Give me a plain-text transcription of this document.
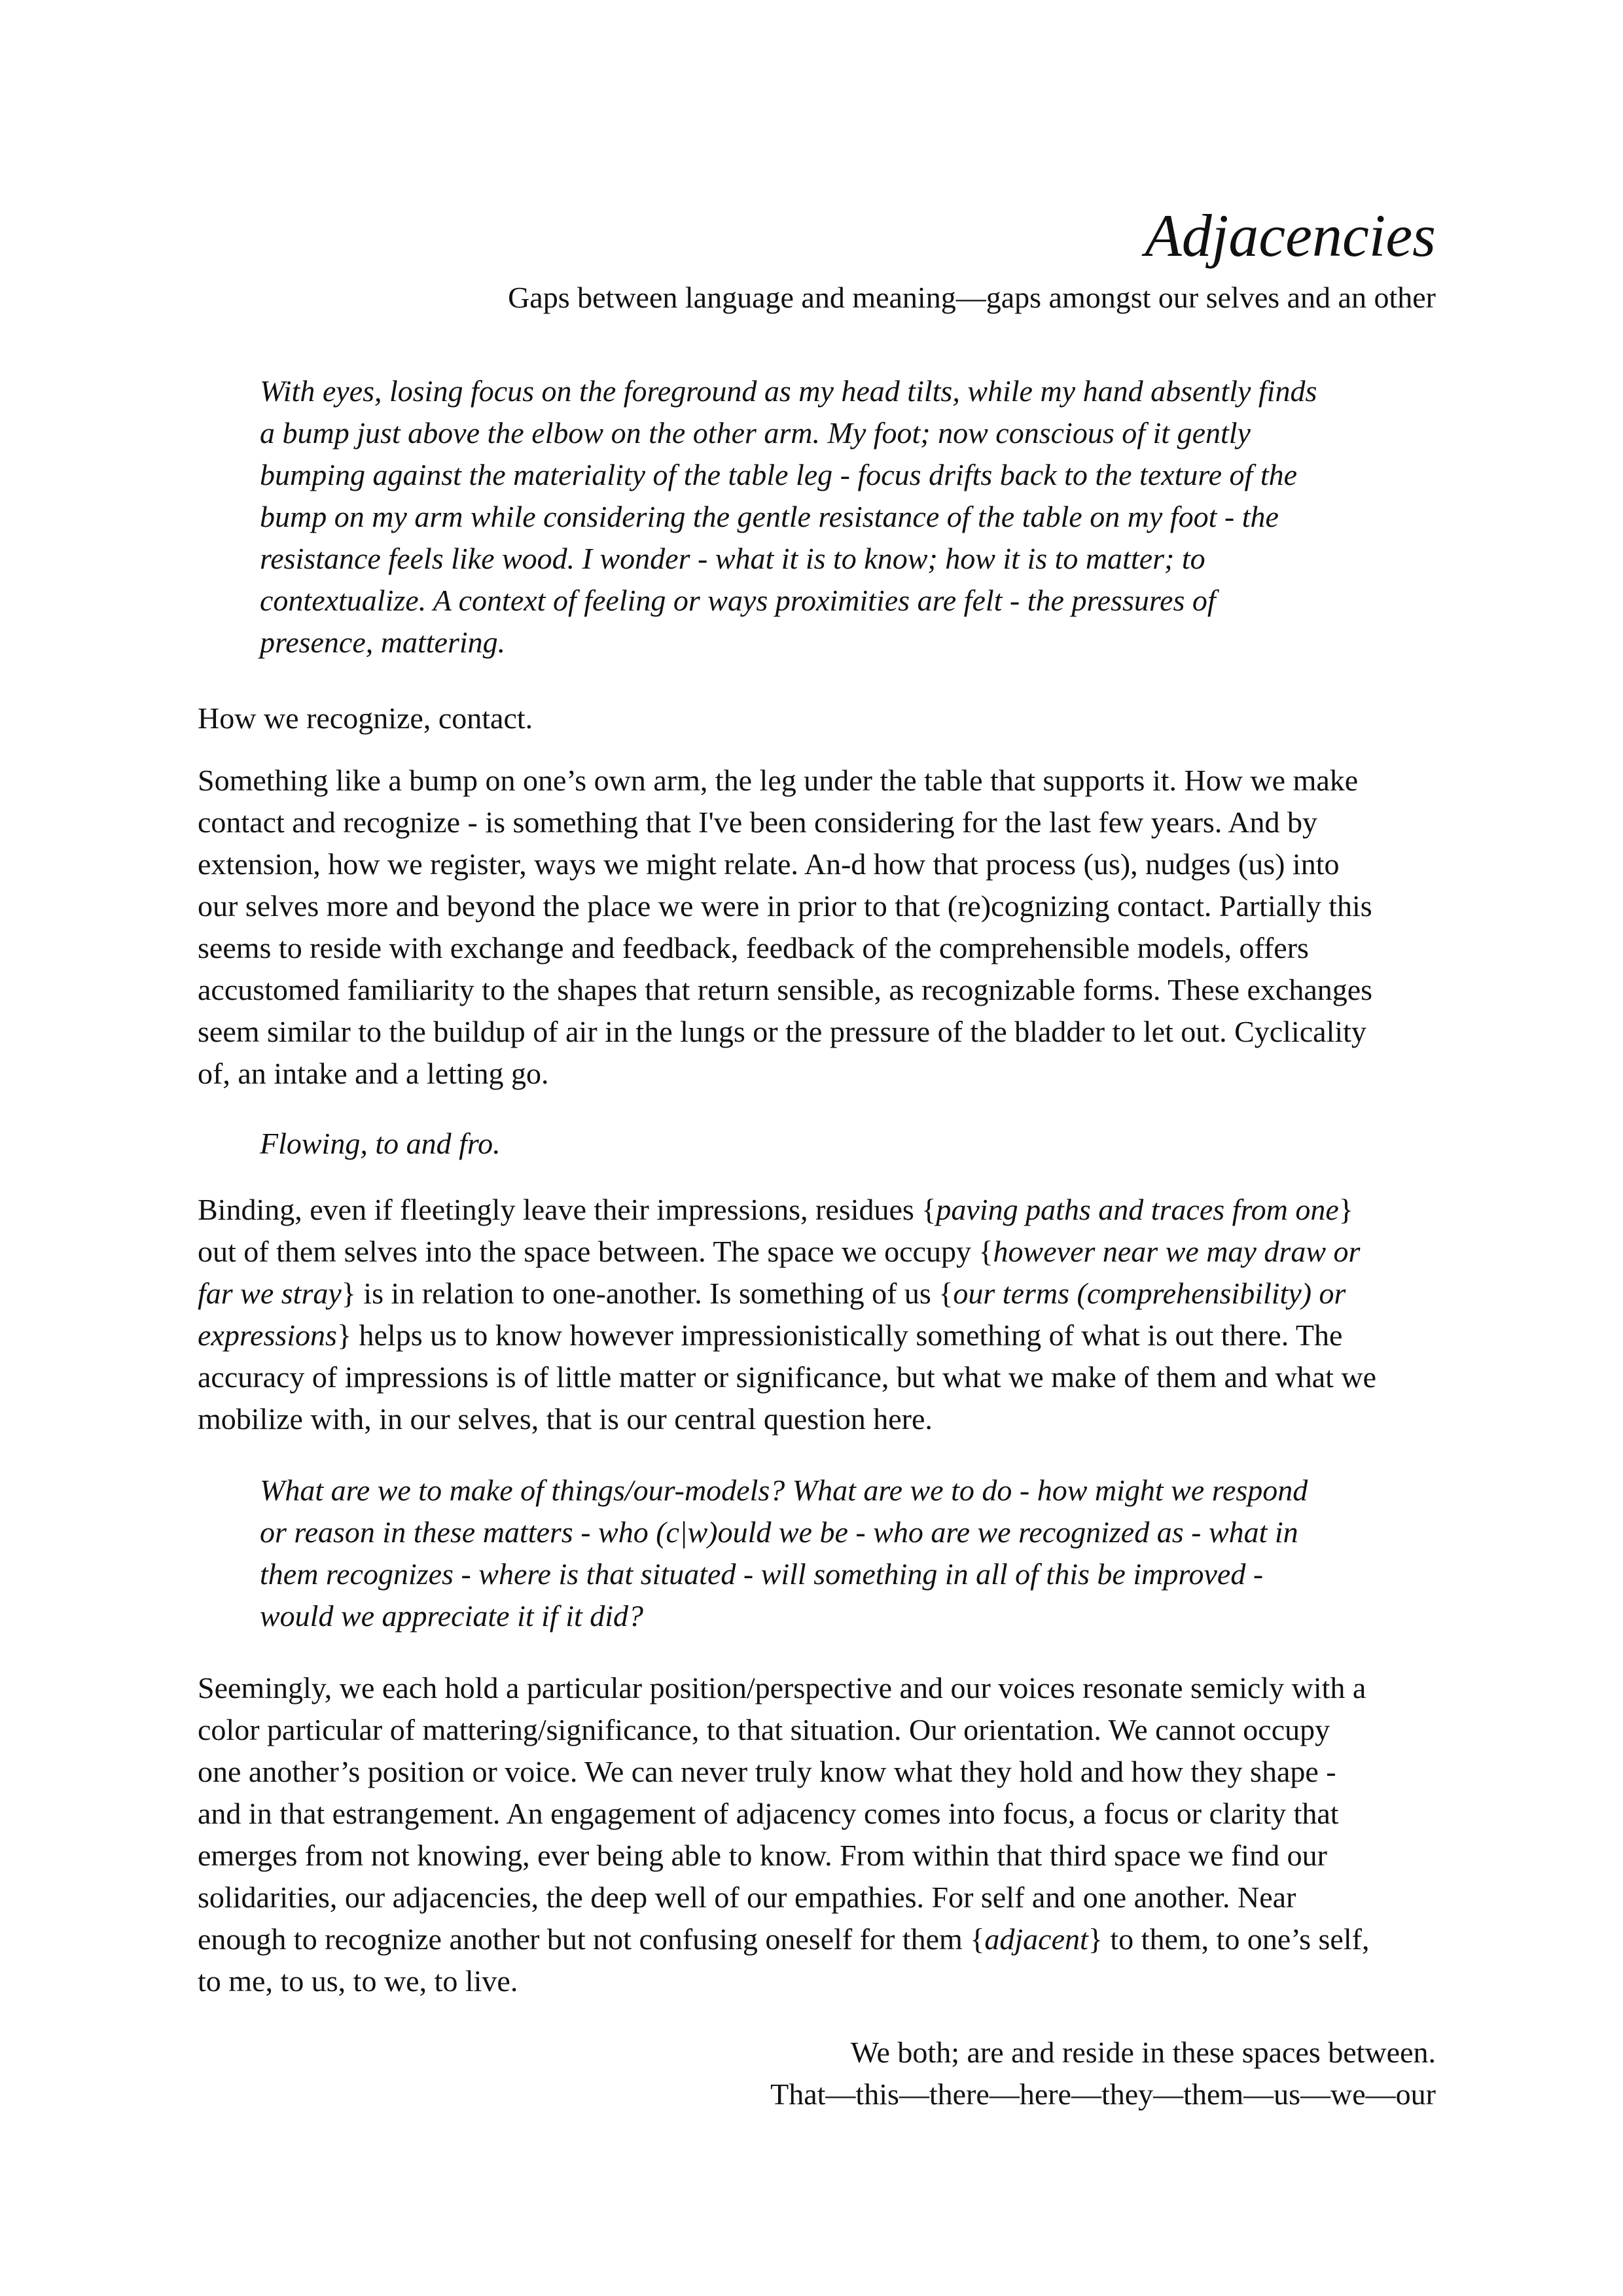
Adjacencies
Gaps between language and meaning—gaps amongst our selves and an other
With eyes, losing focus on the foreground as my head tilts, while my hand absently finds
a bump just above the elbow on the other arm. My foot; now conscious of it gently
bumping against the materiality of the table leg - focus drifts back to the texture of the
bump on my arm while considering the gentle resistance of the table on my foot - the
resistance feels like wood. I wonder - what it is to know; how it is to matter; to
contextualize. A context of feeling or ways proximities are felt - the pressures of
presence, mattering.
How we recognize, contact.
Something like a bump on one’s own arm, the leg under the table that supports it. How we make
contact and recognize - is something that I've been considering for the last few years. And by
extension, how we register, ways we might relate. An-d how that process (us), nudges (us) into
our selves more and beyond the place we were in prior to that (re)cognizing contact. Partially this
seems to reside with exchange and feedback, feedback of the comprehensible models, offers
accustomed familiarity to the shapes that return sensible, as recognizable forms. These exchanges
seem similar to the buildup of air in the lungs or the pressure of the bladder to let out. Cyclicality
of, an intake and a letting go.
Flowing, to and fro.
Binding, even if fleetingly leave their impressions, residues {paving paths and traces from one}
out of them selves into the space between. The space we occupy {however near we may draw or
far we stray} is in relation to one-another. Is something of us {our terms (comprehensibility) or
expressions} helps us to know however impressionistically something of what is out there. The
accuracy of impressions is of little matter or significance, but what we make of them and what we
mobilize with, in our selves, that is our central question here.
What are we to make of things/our-models? What are we to do - how might we respond
or reason in these matters - who (c|w)ould we be - who are we recognized as - what in
them recognizes - where is that situated - will something in all of this be improved -
would we appreciate it if it did?
Seemingly, we each hold a particular position/perspective and our voices resonate semicly with a
color particular of mattering/significance, to that situation. Our orientation. We cannot occupy
one another’s position or voice. We can never truly know what they hold and how they shape -
and in that estrangement. An engagement of adjacency comes into focus, a focus or clarity that
emerges from not knowing, ever being able to know. From within that third space we find our
solidarities, our adjacencies, the deep well of our empathies. For self and one another. Near
enough to recognize another but not confusing oneself for them {adjacent} to them, to one’s self,
to me, to us, to we, to live.
We both; are and reside in these spaces between.
That—this—there—here—they—them—us—we—our
